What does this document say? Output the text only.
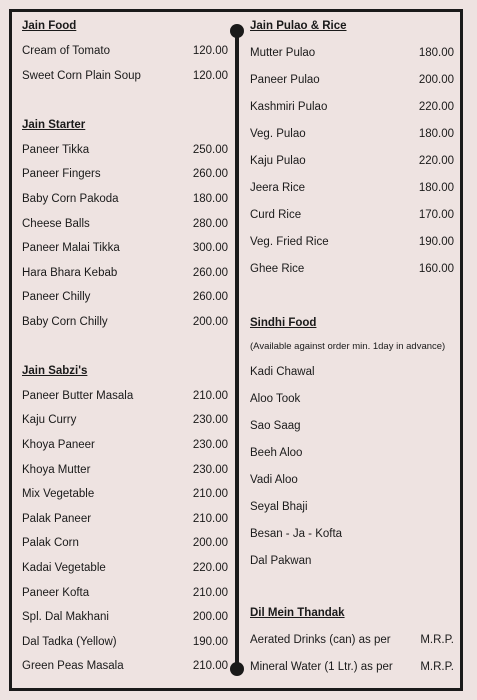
Jain Food
Cream of Tomato	120.00
Sweet Corn Plain Soup	120.00
Jain Starter
Paneer Tikka	250.00
Paneer Fingers	260.00
Baby Corn Pakoda	180.00
Cheese Balls	280.00
Paneer Malai Tikka	300.00
Hara Bhara Kebab	260.00
Paneer Chilly	260.00
Baby Corn Chilly	200.00
Jain Sabzi's
Paneer Butter Masala	210.00
Kaju Curry	230.00
Khoya Paneer	230.00
Khoya Mutter	230.00
Mix Vegetable	210.00
Palak Paneer	210.00
Palak Corn	200.00
Kadai Vegetable	220.00
Paneer Kofta	210.00
Spl. Dal Makhani	200.00
Dal Tadka (Yellow)	190.00
Green Peas Masala	210.00
Jain Pulao & Rice
Mutter Pulao	180.00
Paneer Pulao	200.00
Kashmiri Pulao	220.00
Veg. Pulao	180.00
Kaju Pulao	220.00
Jeera Rice	180.00
Curd Rice	170.00
Veg. Fried Rice	190.00
Ghee Rice	160.00
Sindhi Food
(Available against order min. 1day in advance)
Kadi Chawal
Aloo Took
Sao Saag
Beeh Aloo
Vadi Aloo
Seyal Bhaji
Besan - Ja - Kofta
Dal Pakwan
Dil Mein Thandak
Aerated Drinks (can) as per	M.R.P.
Mineral Water (1 Ltr.) as per M.R.P.
